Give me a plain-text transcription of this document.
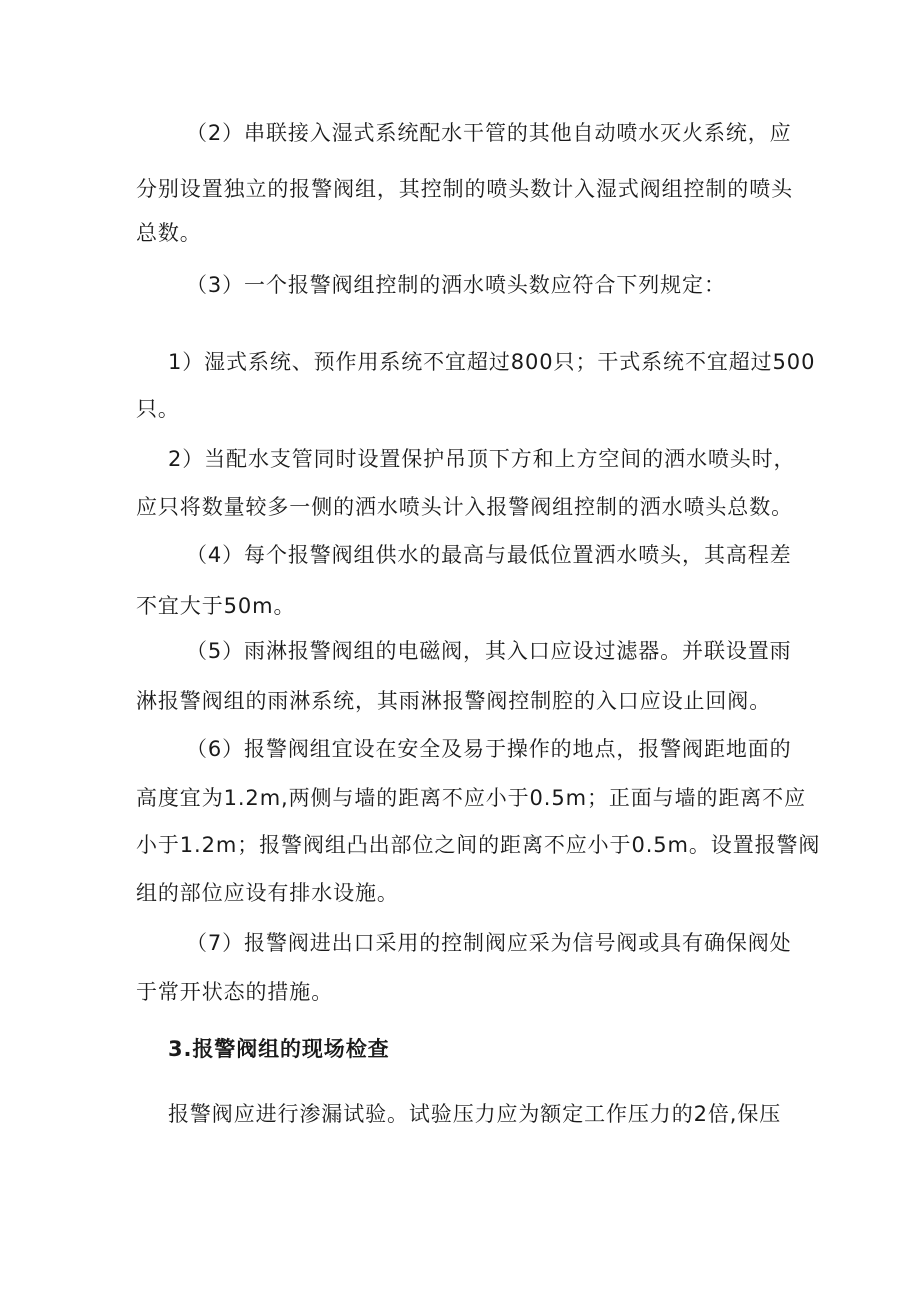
（2）串联接入湿式系统配水干管的其他自动喷水灭火系统，应
分别设置独立的报警阀组，其控制的喷头数计入湿式阀组控制的喷头
总数。
（3）一个报警阀组控制的洒水喷头数应符合下列规定：
1）湿式系统、预作用系统不宜超过800只；干式系统不宜超过500
只。
2）当配水支管同时设置保护吊顶下方和上方空间的洒水喷头时，
应只将数量较多一侧的洒水喷头计入报警阀组控制的洒水喷头总数。
（4）每个报警阀组供水的最高与最低位置洒水喷头，其高程差
不宜大于50m。
（5）雨淋报警阀组的电磁阀，其入口应设过滤器。并联设置雨
淋报警阀组的雨淋系统，其雨淋报警阀控制腔的入口应设止回阀。
（6）报警阀组宜设在安全及易于操作的地点，报警阀距地面的
高度宜为1.2m,两侧与墙的距离不应小于0.5m；正面与墙的距离不应
小于1.2m；报警阀组凸出部位之间的距离不应小于0.5m。设置报警阀
组的部位应设有排水设施。
（7）报警阀进出口采用的控制阀应采为信号阀或具有确保阀处
于常开状态的措施。
3.报警阀组的现场检查
报警阀应进行渗漏试验。试验压力应为额定工作压力的2倍,保压
